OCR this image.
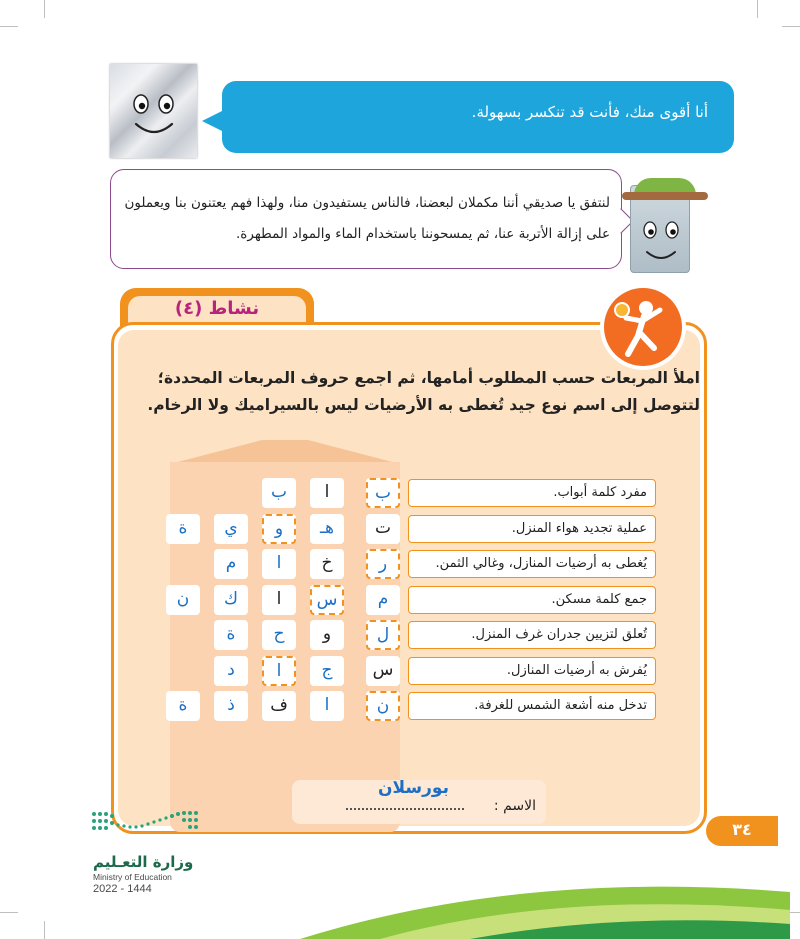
أنا أقوى منك، فأنت قد تنكسر بسهولة.
لنتفق يا صديقي أننا مكملان لبعضنا، فالناس يستفيدون منا، ولهذا فهم يعتنون بنا ويعملون على إزالة الأتربة عنا، ثم يمسحوننا باستخدام الماء والمواد المطهرة.
نشاط (٤)
املأ المربعات حسب المطلوب أمامها، ثم اجمع حروف المربعات المحددة؛ لتتوصل إلى اسم نوع جيد تُغطى به الأرضيات ليس بالسيراميك ولا الرخام.
مفرد كلمة أبواب.
ب
ا
ب
عملية تجديد هواء المنزل.
ت
هـ
و
ي
ة
يُغطى به أرضيات المنازل، وغالي الثمن.
ر
خ
ا
م
جمع كلمة مسكن.
م
س
ا
ك
ن
تُعلق لتزيين جدران غرف المنزل.
ل
و
ح
ة
يُفرش به أرضيات المنازل.
س
ج
ا
د
تدخل منه أشعة الشمس للغرفة.
ن
ا
ف
ذ
ة
الاسم :
بورسلان
٣٤
وزارة التعـليم
Ministry of Education
2022 - 1444
